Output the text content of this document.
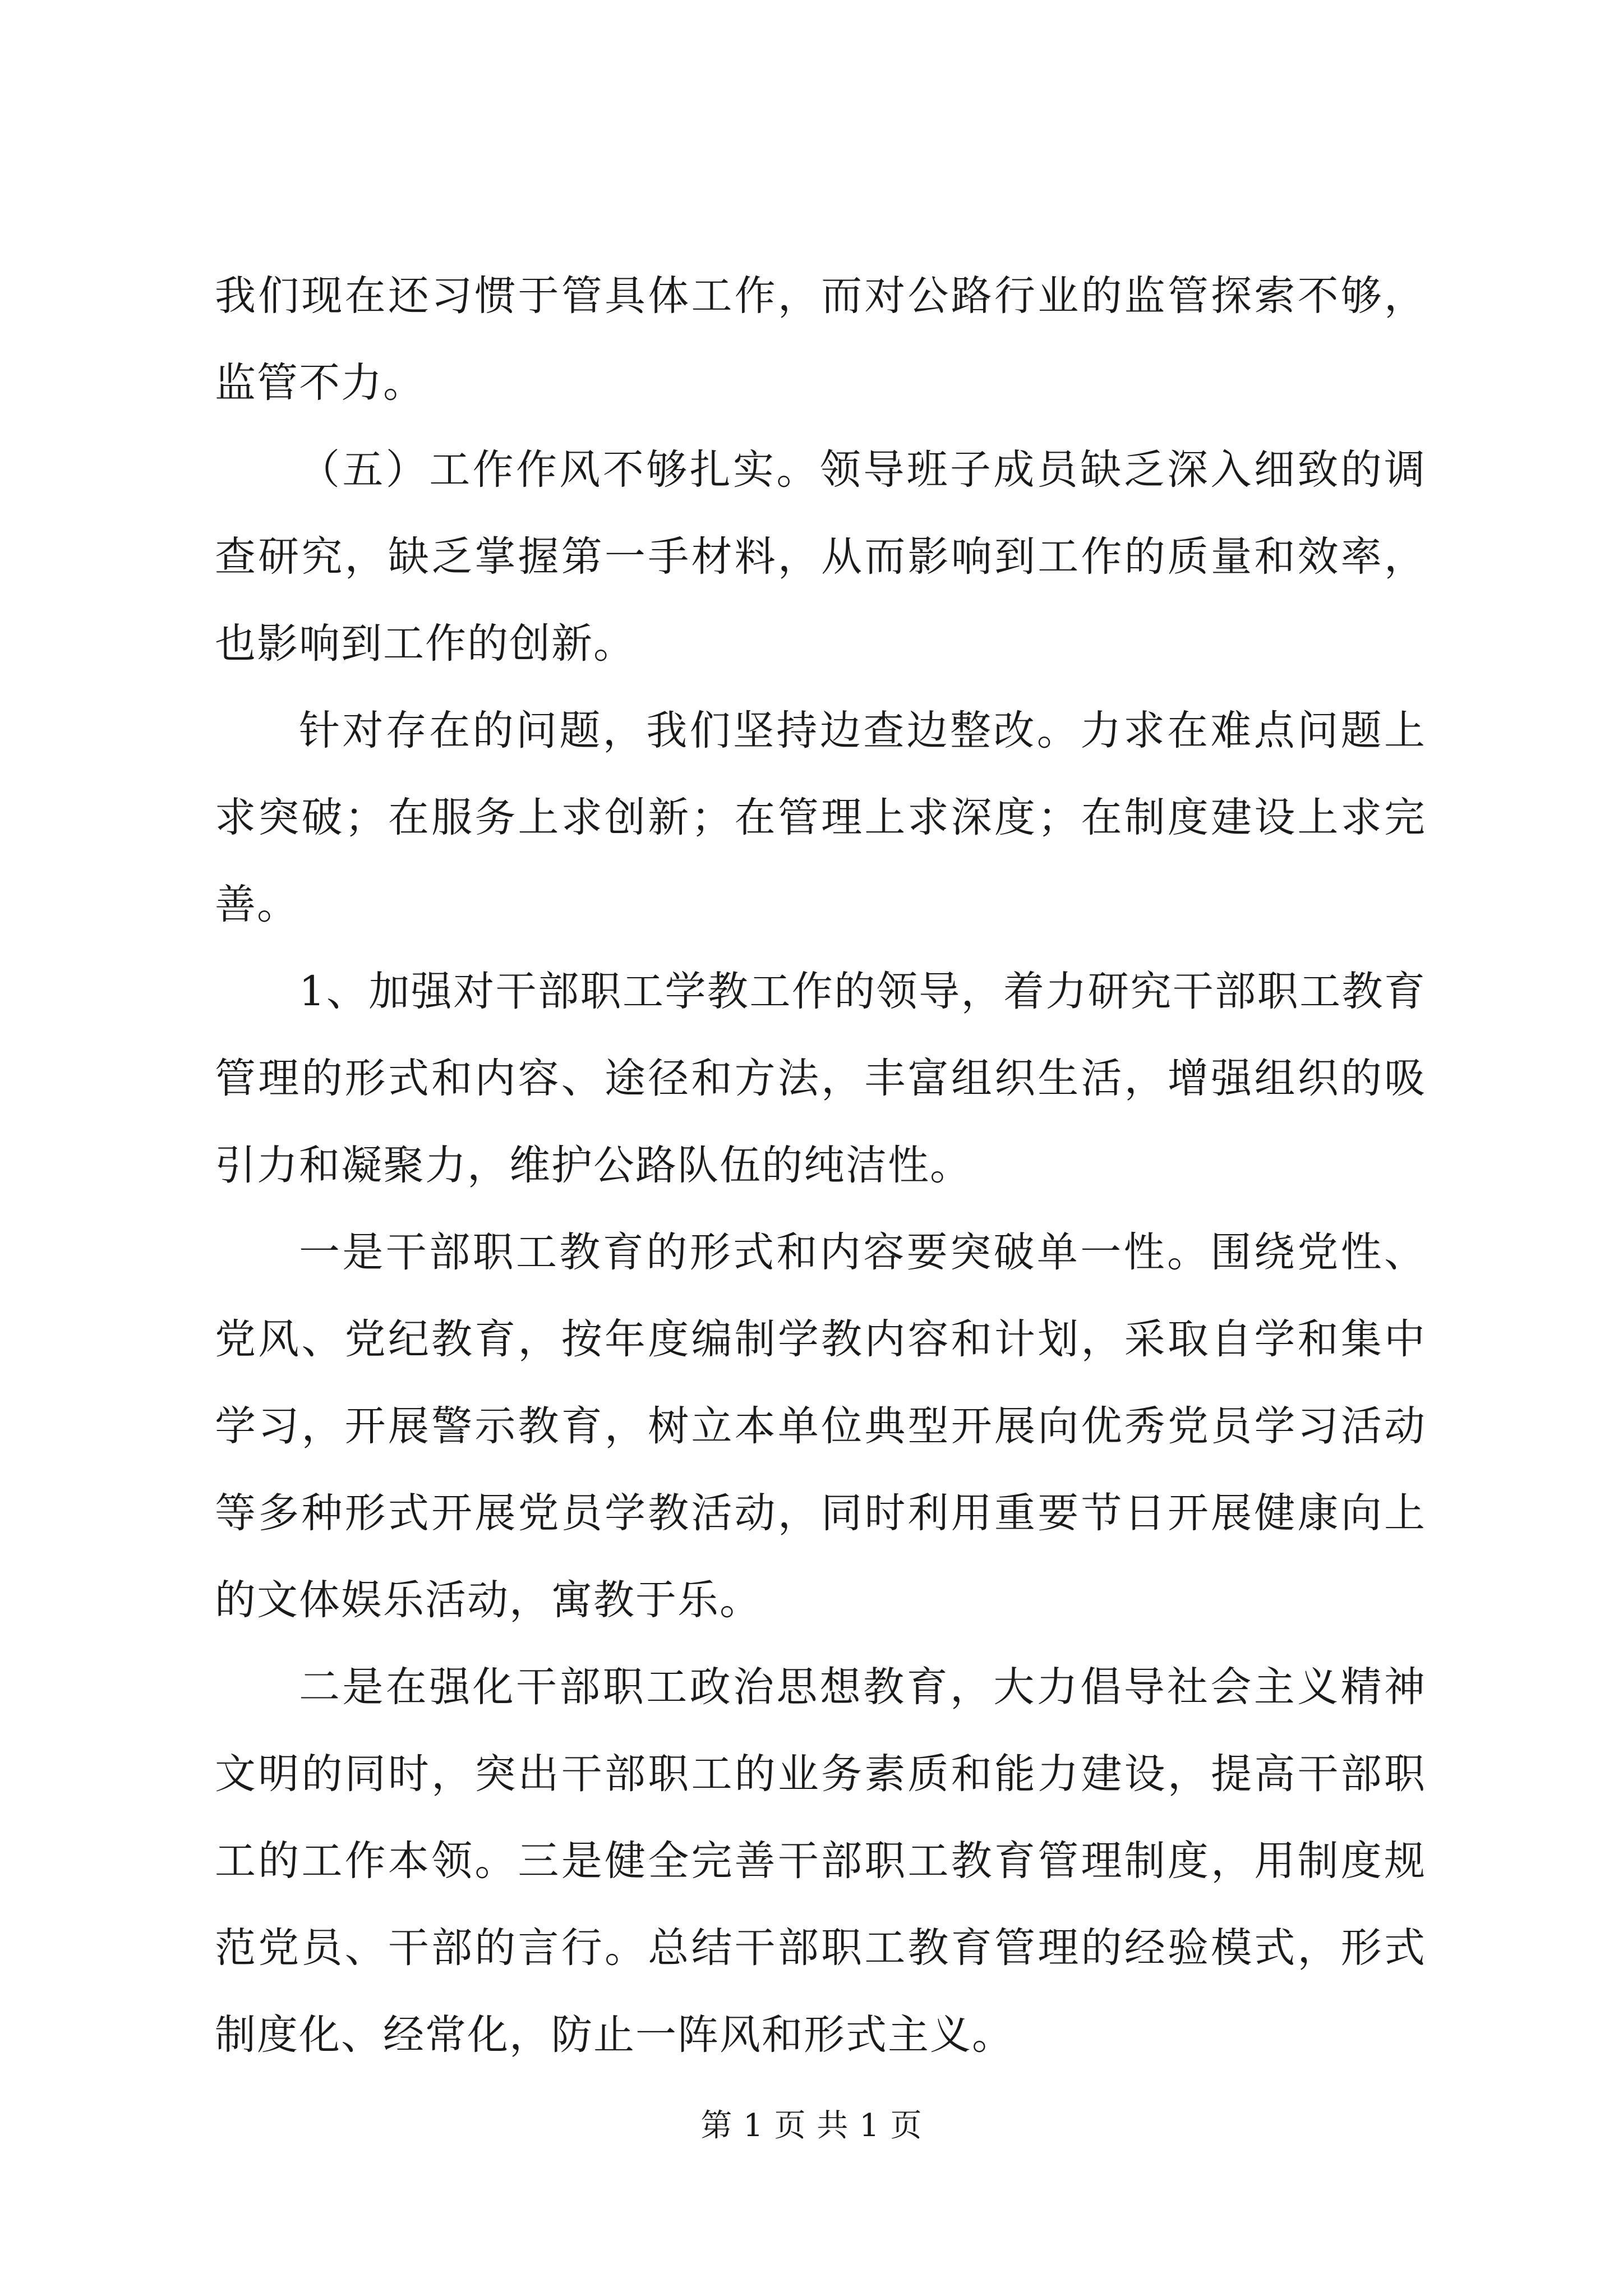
我们现在还习惯于管具体工作，而对公路行业的监管探索不够，监管不力。

（五）工作作风不够扎实。领导班子成员缺乏深入细致的调查研究，缺乏掌握第一手材料，从而影响到工作的质量和效率，也影响到工作的创新。

针对存在的问题，我们坚持边查边整改。力求在难点问题上求突破；在服务上求创新；在管理上求深度；在制度建设上求完善。

1、加强对干部职工学教工作的领导，着力研究干部职工教育管理的形式和内容、途径和方法，丰富组织生活，增强组织的吸引力和凝聚力，维护公路队伍的纯洁性。

一是干部职工教育的形式和内容要突破单一性。围绕党性、党风、党纪教育，按年度编制学教内容和计划，采取自学和集中学习，开展警示教育，树立本单位典型开展向优秀党员学习活动等多种形式开展党员学教活动，同时利用重要节日开展健康向上的文体娱乐活动，寓教于乐。

二是在强化干部职工政治思想教育，大力倡导社会主义精神文明的同时，突出干部职工的业务素质和能力建设，提高干部职工的工作本领。三是健全完善干部职工教育管理制度，用制度规范党员、干部的言行。总结干部职工教育管理的经验模式，形式制度化、经常化，防止一阵风和形式主义。

第 1 页 共 1 页
